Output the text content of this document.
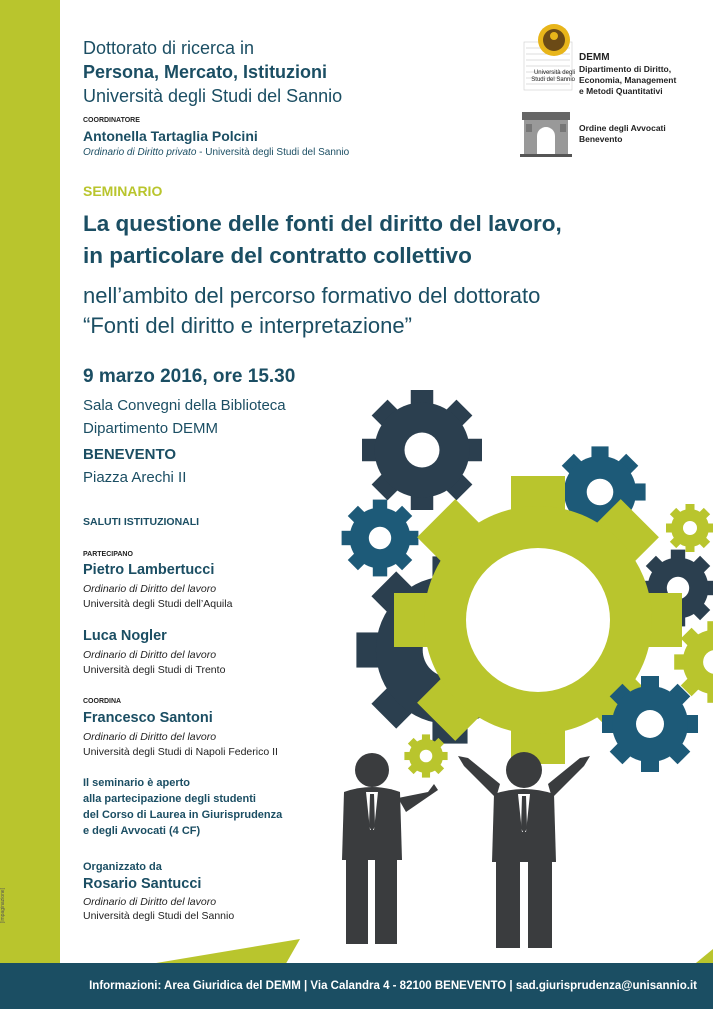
[impaginazione]

Dottorato di ricerca in

Persona, Mercato, Istituzioni

Università degli Studi del Sannio

COORDINATORE

Antonella Tartaglia Polcini

Ordinario di Diritto privato - Università degli Studi del Sannio

Università degli Studi del Sannio
DEMM
Dipartimento di Diritto,
Economia, Management
e Metodi Quantitativi
Ordine degli Avvocati
Benevento

SEMINARIO

La questione delle fonti del diritto del lavoro,

in particolare del contratto collettivo

nell’ambito del percorso formativo del dottorato

“Fonti del diritto e interpretazione”

9 marzo 2016, ore 15.30

Sala Convegni della Biblioteca

Dipartimento DEMM

BENEVENTO

Piazza Arechi II

SALUTI ISTITUZIONALI

PARTECIPANO

Pietro Lambertucci

Ordinario di Diritto del lavoro

Università degli Studi dell’Aquila

Luca Nogler

Ordinario di Diritto del lavoro

Università degli Studi di Trento

COORDINA

Francesco Santoni

Ordinario di Diritto del lavoro

Università degli Studi di Napoli Federico II

Il seminario è aperto

alla partecipazione degli studenti

del Corso di Laurea in Giurisprudenza

e degli Avvocati (4 CF)

Organizzato da

Rosario Santucci

Ordinario di Diritto del lavoro

Università degli Studi del Sannio

Informazioni: Area Giuridica del DEMM | Via Calandra 4 - 82100 BENEVENTO | sad.giurisprudenza@unisannio.it
